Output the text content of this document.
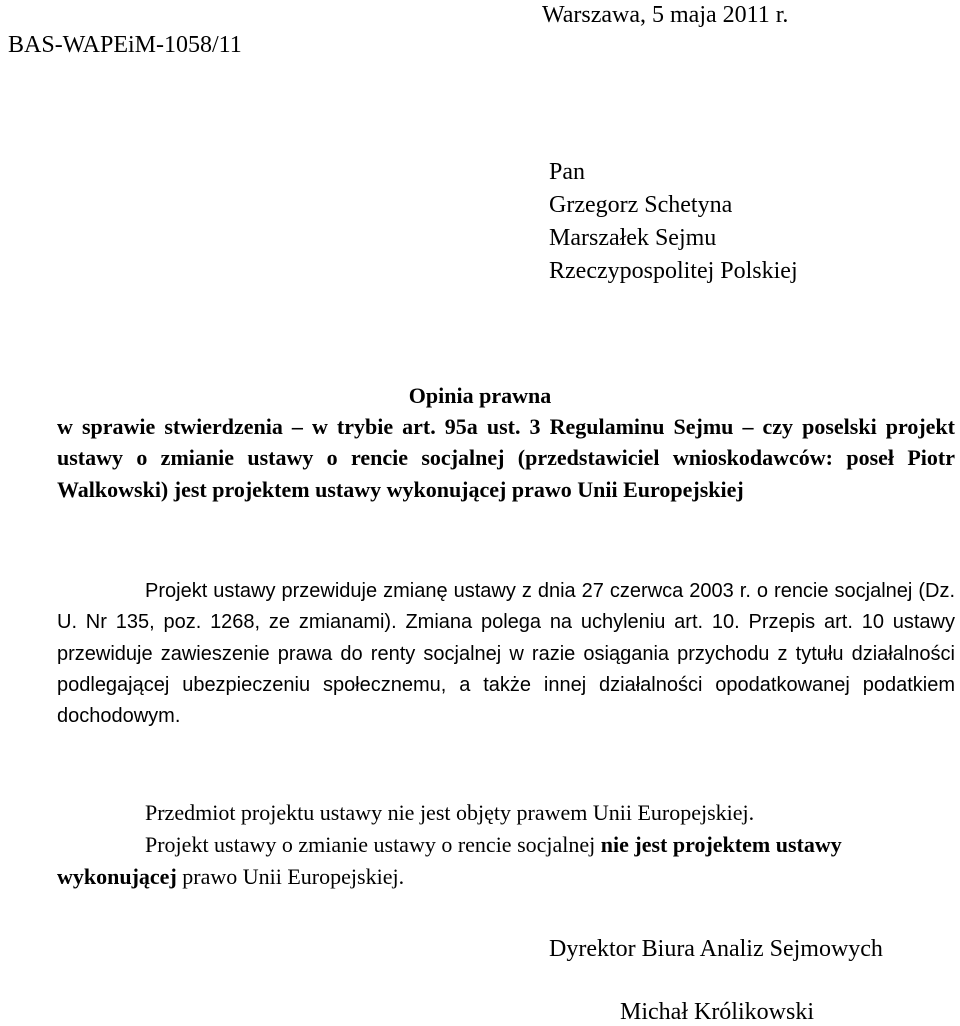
Warszawa, 5 maja 2011 r.
BAS-WAPEiM-1058/11
Pan
Grzegorz Schetyna
Marszałek Sejmu
Rzeczypospolitej Polskiej
Opinia prawna
w sprawie stwierdzenia – w trybie art. 95a ust. 3 Regulaminu Sejmu – czy poselski projekt ustawy o zmianie ustawy o rencie socjalnej (przedstawiciel wnioskodawców: poseł Piotr Walkowski) jest projektem ustawy wykonującej prawo Unii Europejskiej

Projekt ustawy przewiduje zmianę ustawy z dnia 27 czerwca 2003 r. o rencie socjalnej (Dz. U. Nr 135, poz. 1268, ze zmianami). Zmiana polega na uchyleniu art. 10. Przepis art. 10 ustawy przewiduje zawieszenie prawa do renty socjalnej w razie osiągania przychodu z tytułu działalności podlegającej ubezpieczeniu społecznemu, a także innej działalności opodatkowanej podatkiem dochodowym.

Przedmiot projektu ustawy nie jest objęty prawem Unii Europejskiej.

Projekt ustawy o zmianie ustawy o rencie socjalnej nie jest projektem ustawy wykonującej prawo Unii Europejskiej.

Dyrektor Biura Analiz Sejmowych
Michał Królikowski
